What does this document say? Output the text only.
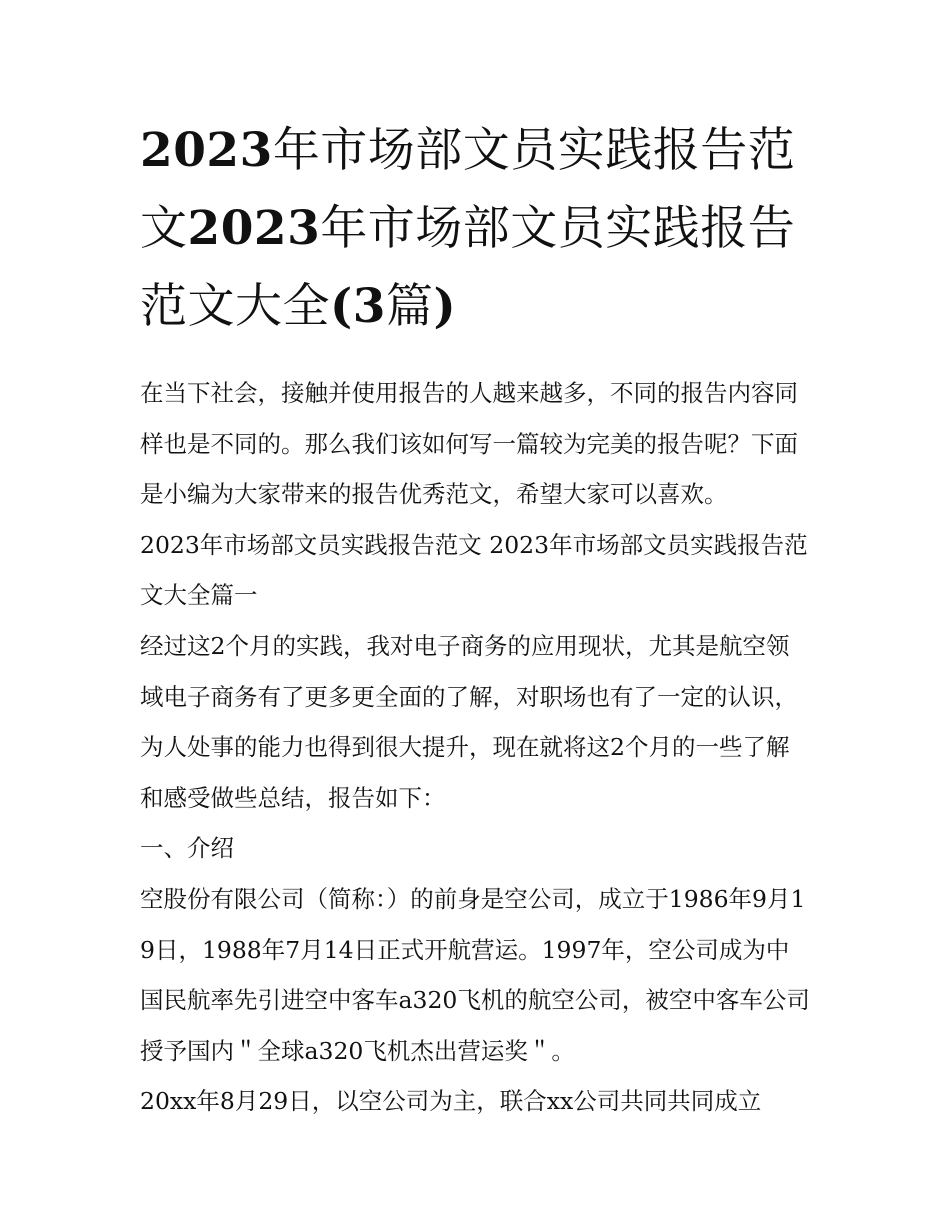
2023年市场部文员实践报告范文2023年市场部文员实践报告范文大全(3篇)

在当下社会，接触并使用报告的人越来越多，不同的报告内容同样也是不同的。那么我们该如何写一篇较为完美的报告呢？下面是小编为大家带来的报告优秀范文，希望大家可以喜欢。

2023年市场部文员实践报告范文 2023年市场部文员实践报告范文大全篇一

经过这2个月的实践，我对电子商务的应用现状，尤其是航空领域电子商务有了更多更全面的了解，对职场也有了一定的认识，为人处事的能力也得到很大提升，现在就将这2个月的一些了解和感受做些总结，报告如下：

一、介绍

空股份有限公司（简称：）的前身是空公司，成立于1986年9月19日，1988年7月14日正式开航营运。1997年，空公司成为中国民航率先引进空中客车a320飞机的航空公司，被空中客车公司授予国内＂全球a320飞机杰出营运奖＂。

20xx年8月29日，以空公司为主，联合xx公司共同共同成立
